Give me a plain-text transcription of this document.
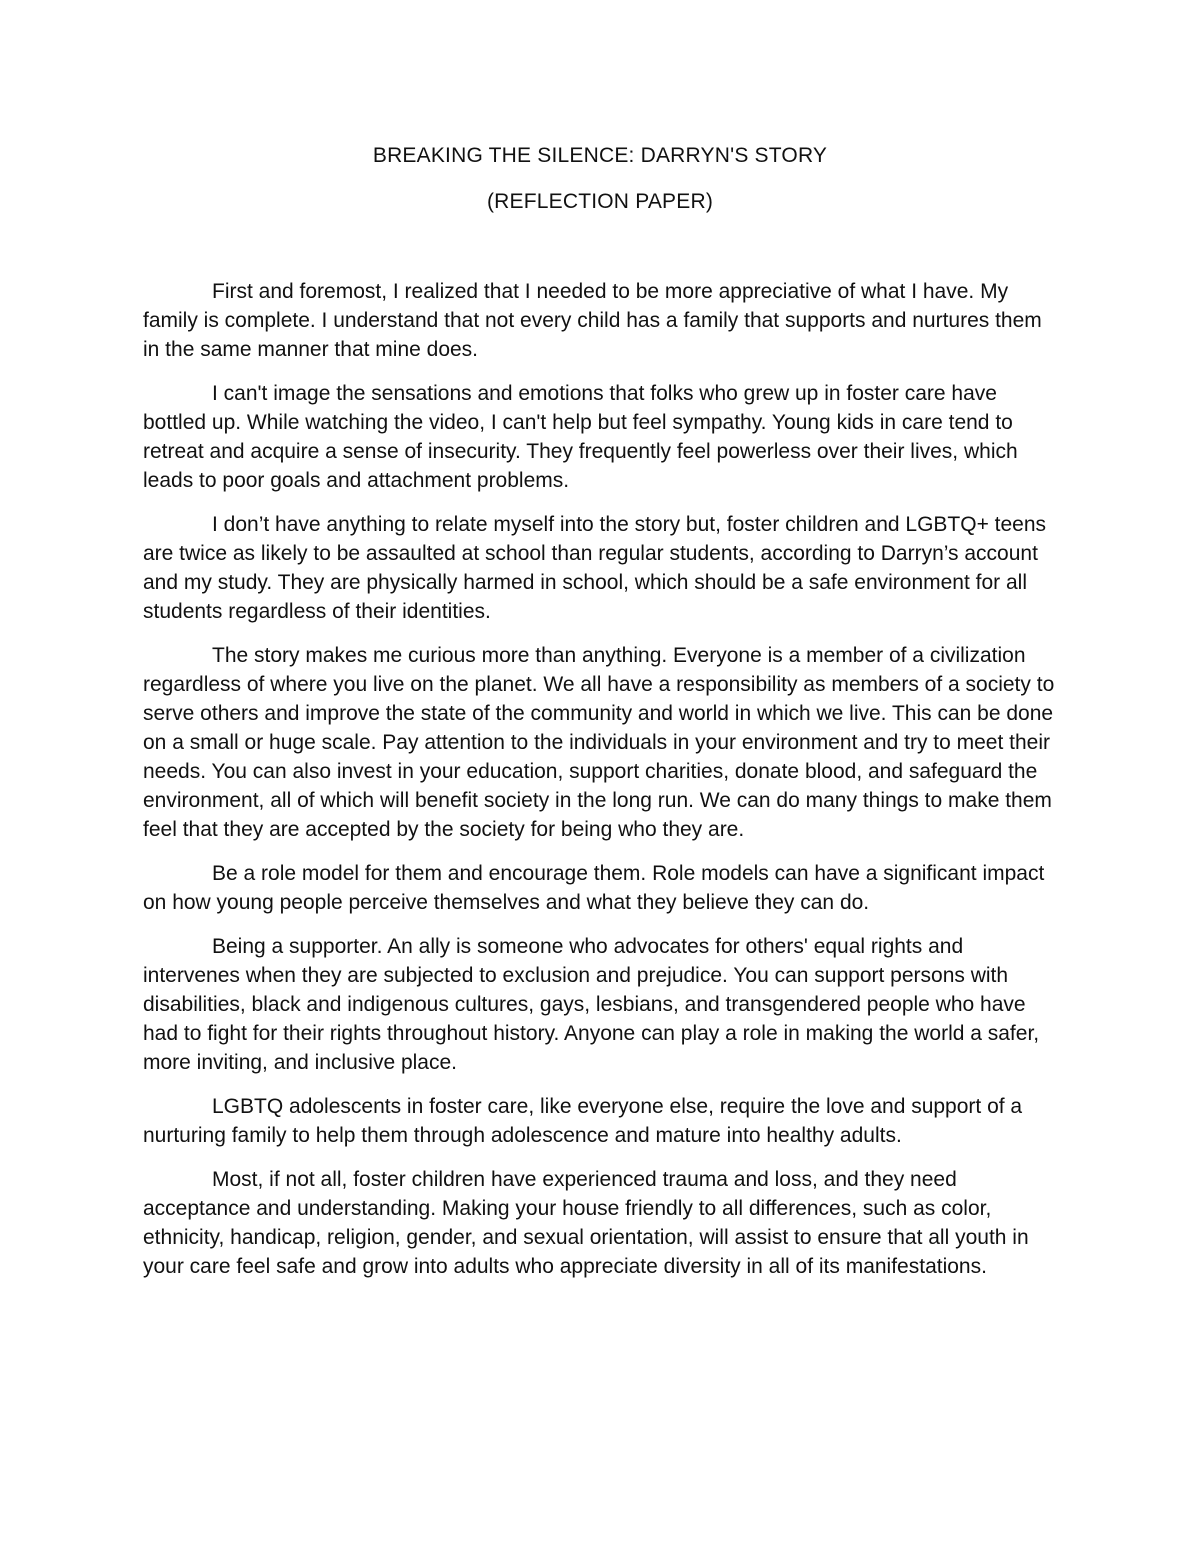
BREAKING THE SILENCE: DARRYN'S STORY
(REFLECTION PAPER)

First and foremost, I realized that I needed to be more appreciative of what I have. My family is complete. I understand that not every child has a family that supports and nurtures them in the same manner that mine does.

I can't image the sensations and emotions that folks who grew up in foster care have bottled up. While watching the video, I can't help but feel sympathy. Young kids in care tend to retreat and acquire a sense of insecurity. They frequently feel powerless over their lives, which leads to poor goals and attachment problems.

I don’t have anything to relate myself into the story but, foster children and LGBTQ+ teens are twice as likely to be assaulted at school than regular students, according to Darryn’s account and my study. They are physically harmed in school, which should be a safe environment for all students regardless of their identities.

The story makes me curious more than anything. Everyone is a member of a civilization regardless of where you live on the planet. We all have a responsibility as members of a society to serve others and improve the state of the community and world in which we live. This can be done on a small or huge scale. Pay attention to the individuals in your environment and try to meet their needs. You can also invest in your education, support charities, donate blood, and safeguard the environment, all of which will benefit society in the long run. We can do many things to make them feel that they are accepted by the society for being who they are.

Be a role model for them and encourage them. Role models can have a significant impact on how young people perceive themselves and what they believe they can do.

Being a supporter. An ally is someone who advocates for others' equal rights and intervenes when they are subjected to exclusion and prejudice. You can support persons with disabilities, black and indigenous cultures, gays, lesbians, and transgendered people who have had to fight for their rights throughout history. Anyone can play a role in making the world a safer, more inviting, and inclusive place.

LGBTQ adolescents in foster care, like everyone else, require the love and support of a nurturing family to help them through adolescence and mature into healthy adults.

Most, if not all, foster children have experienced trauma and loss, and they need acceptance and understanding. Making your house friendly to all differences, such as color, ethnicity, handicap, religion, gender, and sexual orientation, will assist to ensure that all youth in your care feel safe and grow into adults who appreciate diversity in all of its manifestations.
